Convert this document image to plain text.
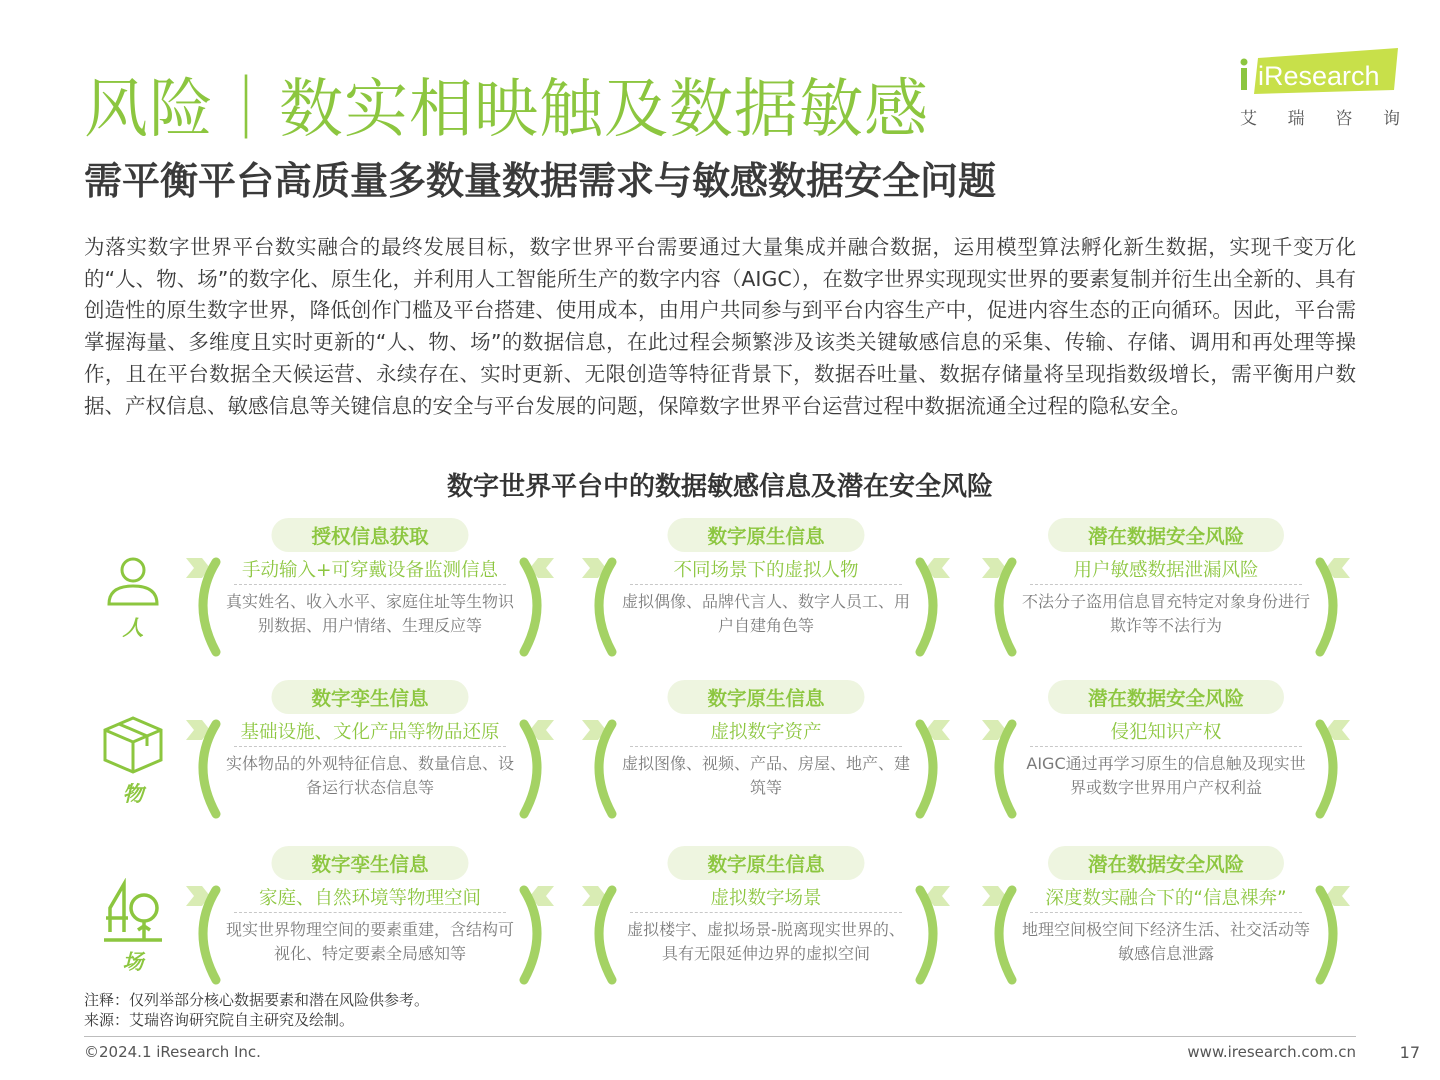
风险｜数实相映触及数据敏感
需平衡平台高质量多数量数据需求与敏感数据安全问题
iResearch
艾 瑞 咨 询

为落实数字世界平台数实融合的最终发展目标，数字世界平台需要通过大量集成并融合数据，运用模型算法孵化新生数据，实现千变万化的“人、物、场”的数字化、原生化，并利用人工智能所生产的数字内容（AIGC），在数字世界实现现实世界的要素复制并衍生出全新的、具有创造性的原生数字世界，降低创作门槛及平台搭建、使用成本，由用户共同参与到平台内容生产中，促进内容生态的正向循环。因此，平台需掌握海量、多维度且实时更新的“人、物、场”的数据信息，在此过程会频繁涉及该类关键敏感信息的采集、传输、存储、调用和再处理等操作，且在平台数据全天候运营、永续存在、实时更新、无限创造等特征背景下，数据吞吐量、数据存储量将呈现指数级增长，需平衡用户数据、产权信息、敏感信息等关键信息的安全与平台发展的问题，保障数字世界平台运营过程中数据流通全过程的隐私安全。

数字世界平台中的数据敏感信息及潜在安全风险
人
物
场
授权信息获取
手动输入+可穿戴设备监测信息
真实姓名、收入水平、家庭住址等生物识别数据、用户情绪、生理反应等
数字原生信息
不同场景下的虚拟人物
虚拟偶像、品牌代言人、数字人员工、用户自建角色等
潜在数据安全风险
用户敏感数据泄漏风险
不法分子盗用信息冒充特定对象身份进行欺诈等不法行为
数字孪生信息
基础设施、文化产品等物品还原
实体物品的外观特征信息、数量信息、设备运行状态信息等
数字原生信息
虚拟数字资产
虚拟图像、视频、产品、房屋、地产、建筑等
潜在数据安全风险
侵犯知识产权
AIGC通过再学习原生的信息触及现实世界或数字世界用户产权利益
数字孪生信息
家庭、自然环境等物理空间
现实世界物理空间的要素重建，含结构可视化、特定要素全局感知等
数字原生信息
虚拟数字场景
虚拟楼宇、虚拟场景-脱离现实世界的、具有无限延伸边界的虚拟空间
潜在数据安全风险
深度数实融合下的“信息裸奔”
地理空间极空间下经济生活、社交活动等敏感信息泄露
注释：仅列举部分核心数据要素和潜在风险供参考。
来源：艾瑞咨询研究院自主研究及绘制。
©2024.1 iResearch Inc.	www.iresearch.com.cn	17
